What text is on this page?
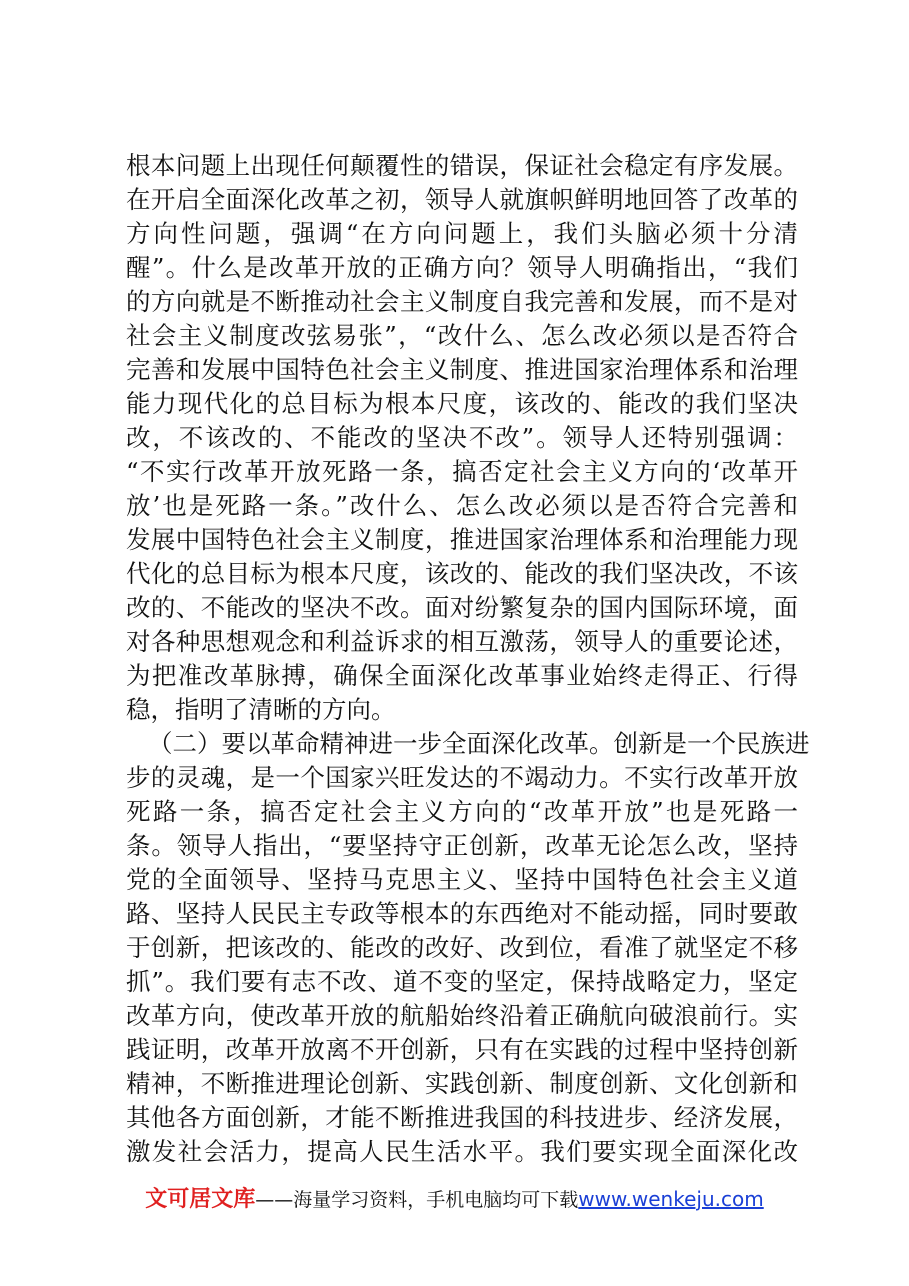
根本问题上出现任何颠覆性的错误，保证社会稳定有序发展。
在开启全面深化改革之初，领导人就旗帜鲜明地回答了改革的
方向性问题，强调“在方向问题上，我们头脑必须十分清
醒”。什么是改革开放的正确方向？领导人明确指出，“我们
的方向就是不断推动社会主义制度自我完善和发展，而不是对
社会主义制度改弦易张”，“改什么、怎么改必须以是否符合
完善和发展中国特色社会主义制度、推进国家治理体系和治理
能力现代化的总目标为根本尺度，该改的、能改的我们坚决
改，不该改的、不能改的坚决不改”。领导人还特别强调：
“不实行改革开放死路一条，搞否定社会主义方向的‘改革开
放’也是死路一条。”改什么、怎么改必须以是否符合完善和
发展中国特色社会主义制度，推进国家治理体系和治理能力现
代化的总目标为根本尺度，该改的、能改的我们坚决改，不该
改的、不能改的坚决不改。面对纷繁复杂的国内国际环境，面
对各种思想观念和利益诉求的相互激荡，领导人的重要论述，
为把准改革脉搏，确保全面深化改革事业始终走得正、行得
稳，指明了清晰的方向。
（二）要以革命精神进一步全面深化改革。创新是一个民族进
步的灵魂，是一个国家兴旺发达的不竭动力。不实行改革开放
死路一条，搞否定社会主义方向的“改革开放”也是死路一
条。领导人指出，“要坚持守正创新，改革无论怎么改，坚持
党的全面领导、坚持马克思主义、坚持中国特色社会主义道
路、坚持人民民主专政等根本的东西绝对不能动摇，同时要敢
于创新，把该改的、能改的改好、改到位，看准了就坚定不移
抓”。我们要有志不改、道不变的坚定，保持战略定力，坚定
改革方向，使改革开放的航船始终沿着正确航向破浪前行。实
践证明，改革开放离不开创新，只有在实践的过程中坚持创新
精神，不断推进理论创新、实践创新、制度创新、文化创新和
其他各方面创新，才能不断推进我国的科技进步、经济发展，
激发社会活力，提高人民生活水平。我们要实现全面深化改
文可居文库——海量学习资料，手机电脑均可下载www.wenkeju.com
